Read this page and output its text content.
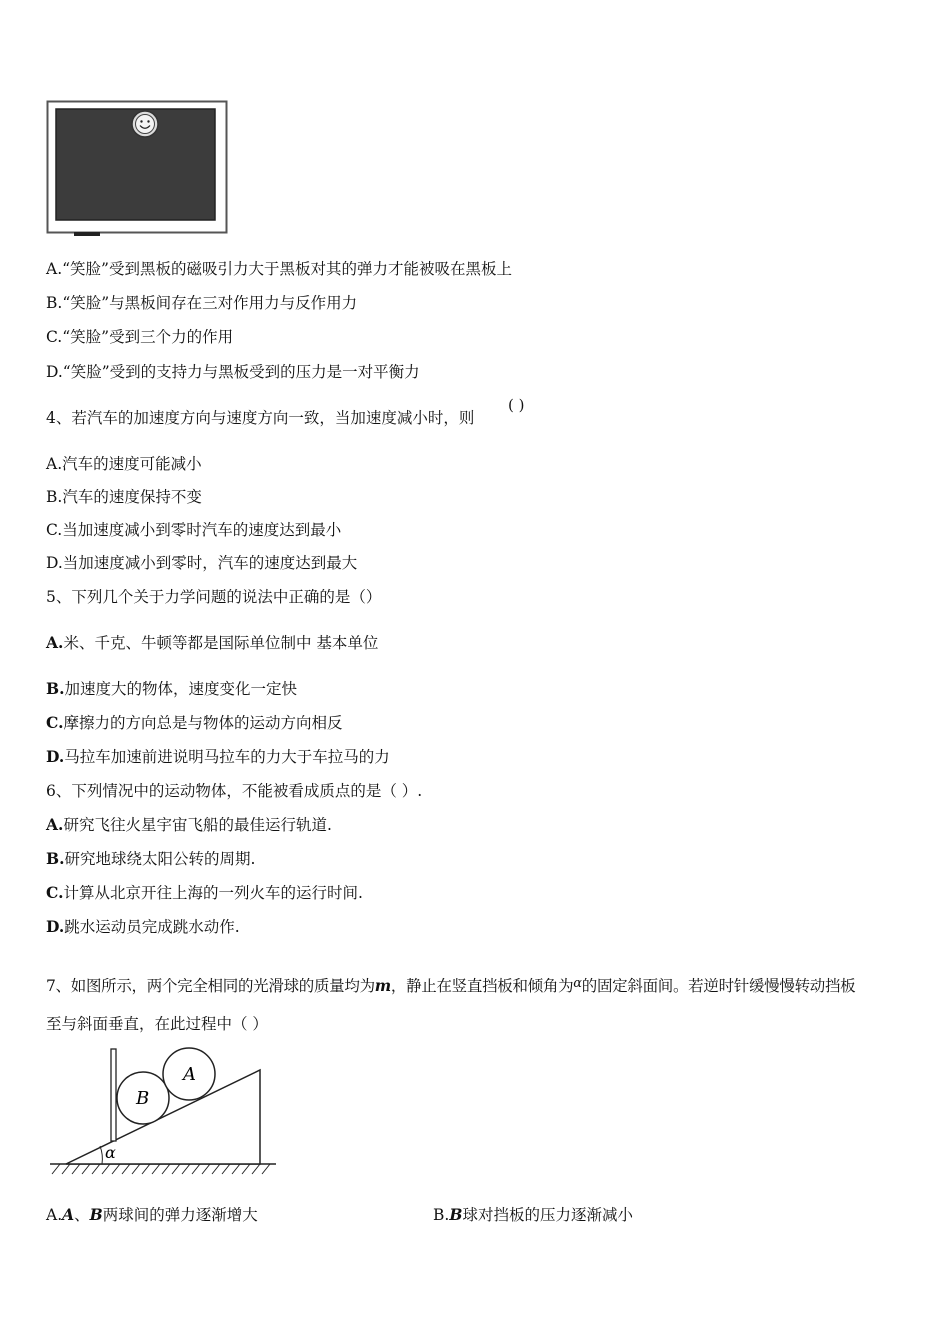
A.“笑脸”受到黑板的磁吸引力大于黑板对其的弹力才能被吸在黑板上
B.“笑脸”与黑板间存在三对作用力与反作用力
C.“笑脸”受到三个力的作用
D.“笑脸”受到的支持力与黑板受到的压力是一对平衡力
4、若汽车的加速度方向与速度方向一致，当加速度减小时，则
( )
A.汽车的速度可能减小
B.汽车的速度保持不变
C.当加速度减小到零时汽车的速度达到最小
D.当加速度减小到零时，汽车的速度达到最大
5、下列几个关于力学问题的说法中正确的是（）
A.米、千克、牛顿等都是国际单位制中 基本单位
B.加速度大的物体，速度变化一定快
C.摩擦力的方向总是与物体的运动方向相反
D.马拉车加速前进说明马拉车的力大于车拉马的力
6、下列情况中的运动物体，不能被看成质点的是（ ）.
A.研究飞往火星宇宙飞船的最佳运行轨道.
B.研究地球绕太阳公转的周期.
C.计算从北京开往上海的一列火车的运行时间.
D.跳水运动员完成跳水动作.
7、如图所示，两个完全相同的光滑球的质量均为m，静止在竖直挡板和倾角为$^\alpha$的固定斜面间。若逆时针缓慢慢转动挡板
至与斜面垂直，在此过程中（ ）
B
A
α
A.A、B两球间的弹力逐渐增大	B.B球对挡板的压力逐渐减小
